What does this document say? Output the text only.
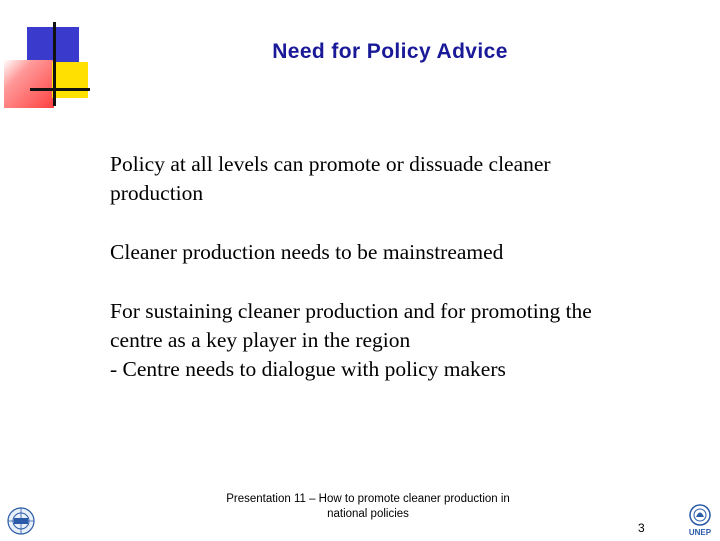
Need for Policy Advice

Policy at all levels can promote or dissuade cleaner
production

Cleaner production needs to be mainstreamed

For sustaining cleaner production and for promoting the
centre as a key player in the region
- Centre needs to dialogue with policy makers

Presentation 11 – How to promote cleaner production in
national policies
3	UNEP
